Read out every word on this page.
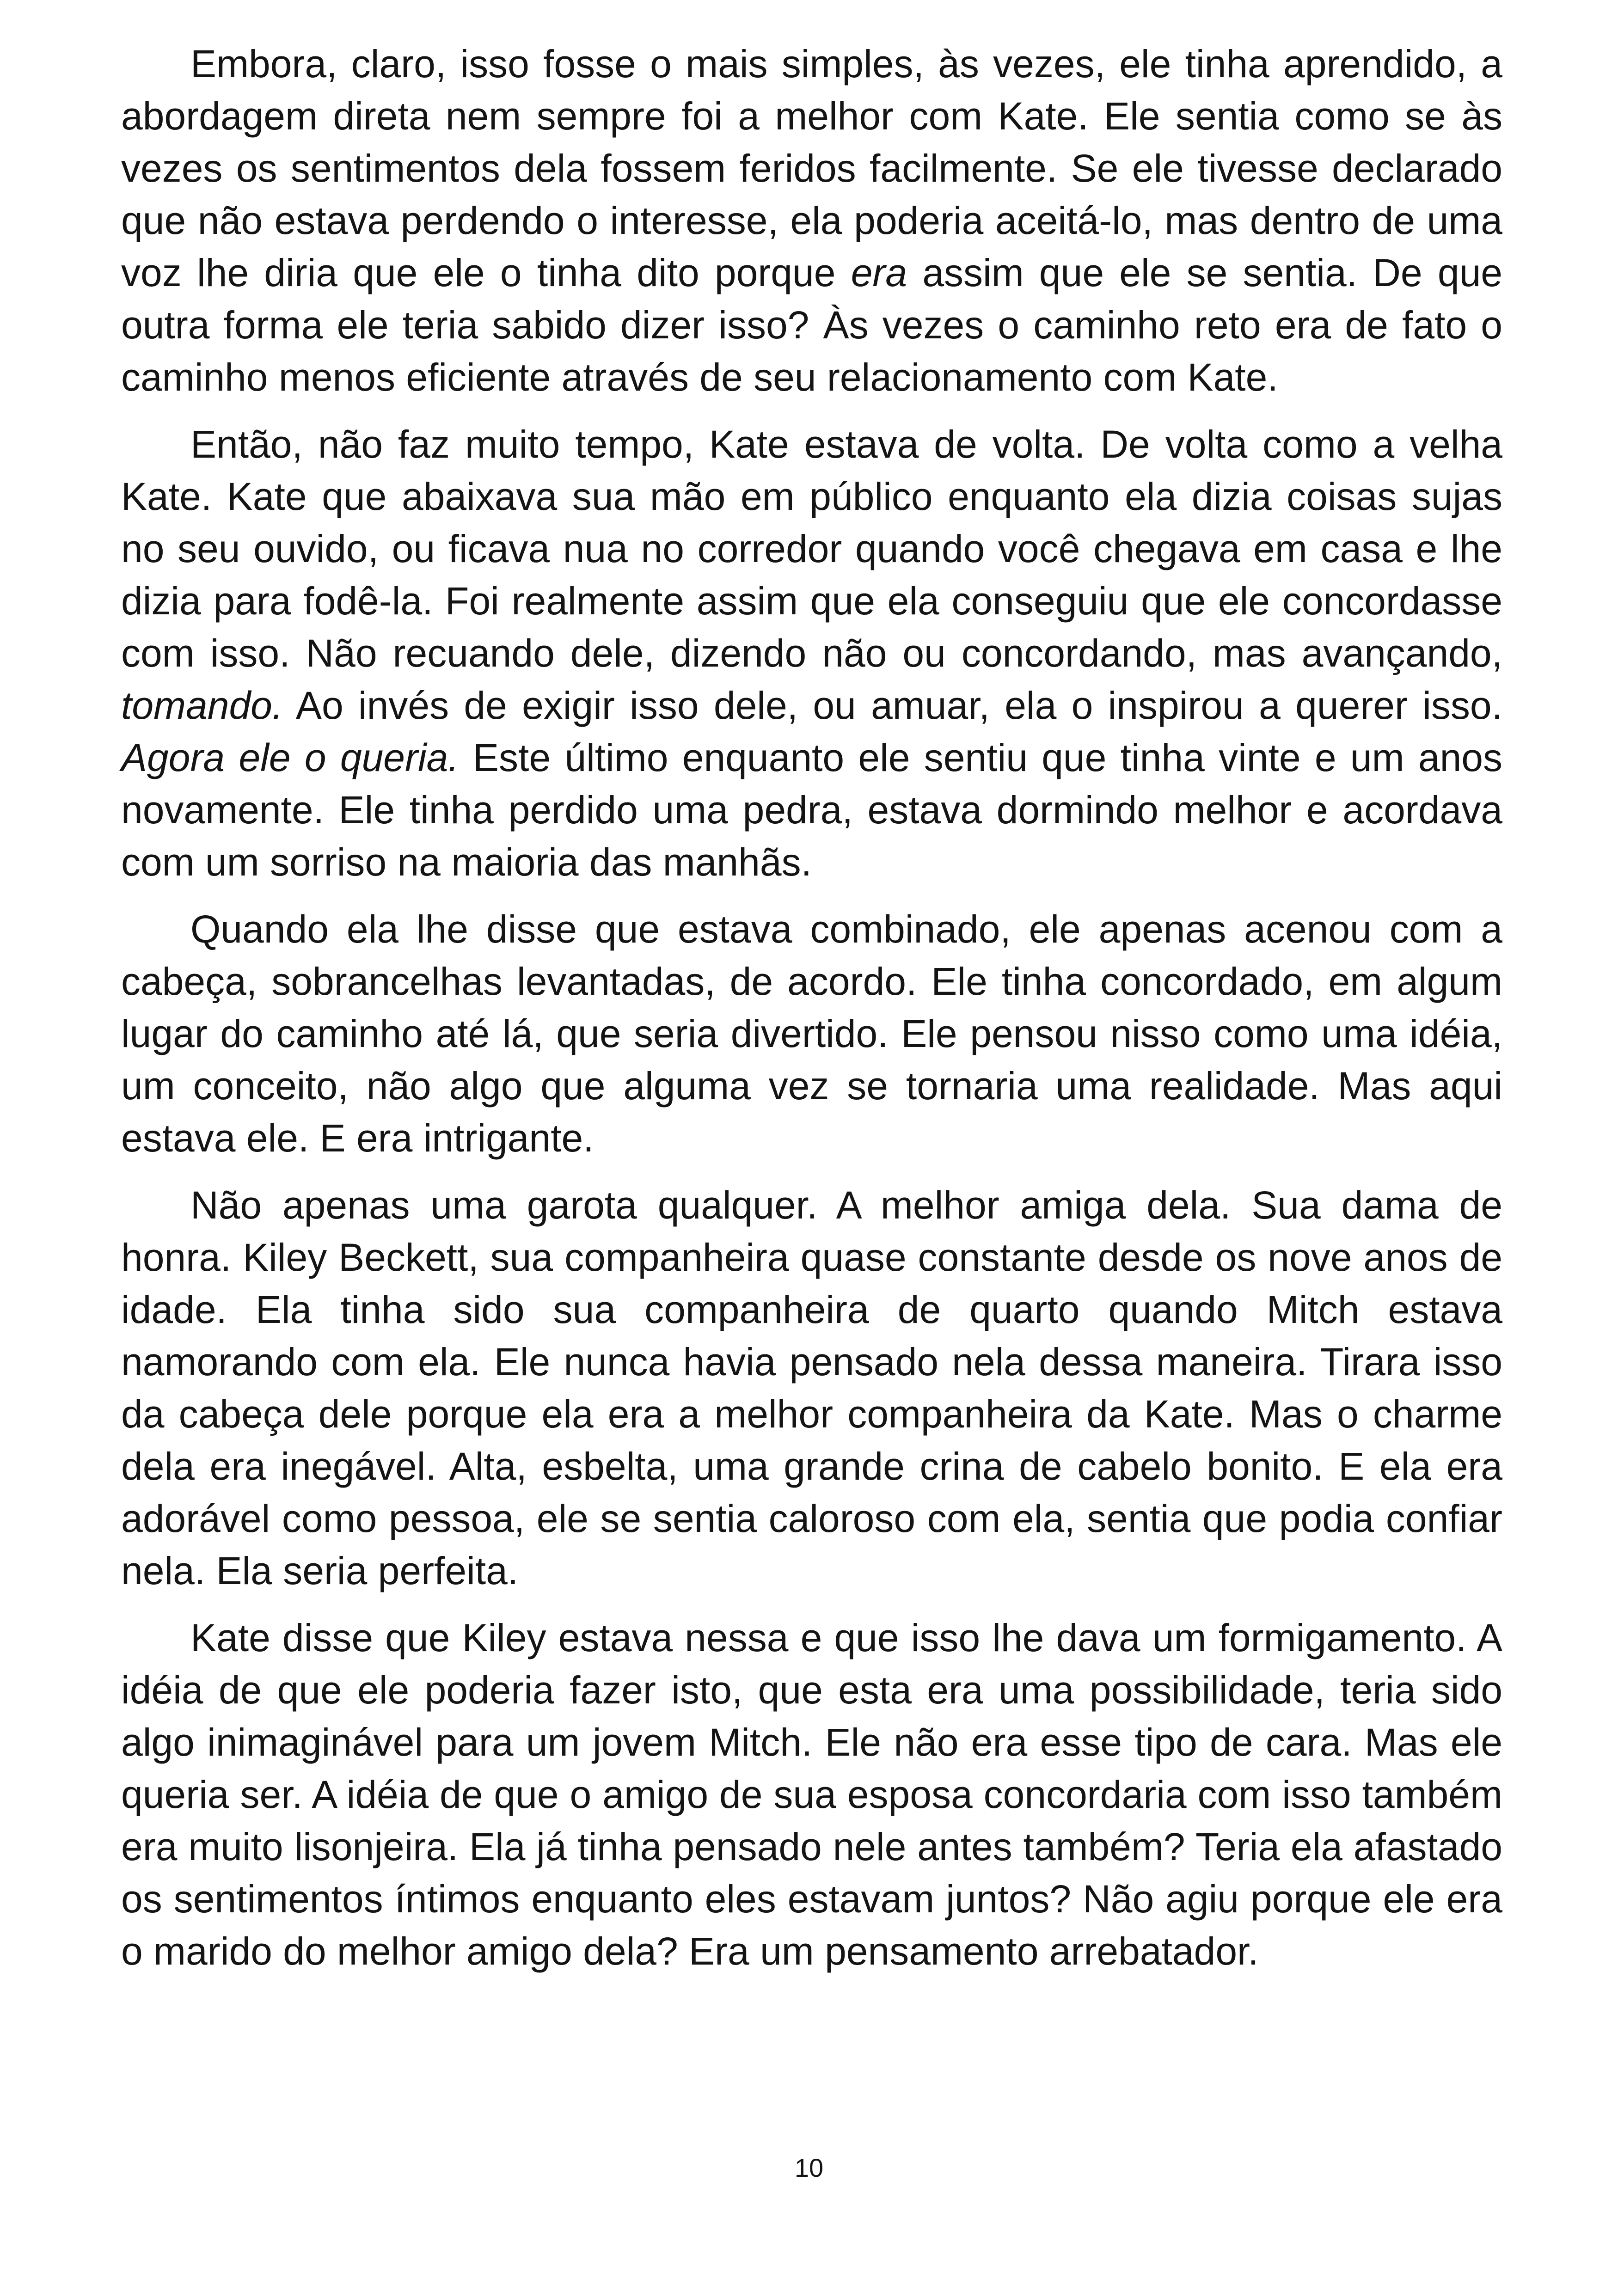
Embora, claro, isso fosse o mais simples, às vezes, ele tinha aprendido, a abordagem direta nem sempre foi a melhor com Kate. Ele sentia como se às vezes os sentimentos dela fossem feridos facilmente. Se ele tivesse declarado que não estava perdendo o interesse, ela poderia aceitá-lo, mas dentro de uma voz lhe diria que ele o tinha dito porque era assim que ele se sentia. De que outra forma ele teria sabido dizer isso? Às vezes o caminho reto era de fato o caminho menos eficiente através de seu relacionamento com Kate.

Então, não faz muito tempo, Kate estava de volta. De volta como a velha Kate. Kate que abaixava sua mão em público enquanto ela dizia coisas sujas no seu ouvido, ou ficava nua no corredor quando você chegava em casa e lhe dizia para fodê-la. Foi realmente assim que ela conseguiu que ele concordasse com isso. Não recuando dele, dizendo não ou concordando, mas avançando, tomando. Ao invés de exigir isso dele, ou amuar, ela o inspirou a querer isso. Agora ele o queria. Este último enquanto ele sentiu que tinha vinte e um anos novamente. Ele tinha perdido uma pedra, estava dormindo melhor e acordava com um sorriso na maioria das manhãs.

Quando ela lhe disse que estava combinado, ele apenas acenou com a cabeça, sobrancelhas levantadas, de acordo. Ele tinha concordado, em algum lugar do caminho até lá, que seria divertido. Ele pensou nisso como uma idéia, um conceito, não algo que alguma vez se tornaria uma realidade. Mas aqui estava ele. E era intrigante.

Não apenas uma garota qualquer. A melhor amiga dela. Sua dama de honra. Kiley Beckett, sua companheira quase constante desde os nove anos de idade. Ela tinha sido sua companheira de quarto quando Mitch estava namorando com ela. Ele nunca havia pensado nela dessa maneira. Tirara isso da cabeça dele porque ela era a melhor companheira da Kate. Mas o charme dela era inegável. Alta, esbelta, uma grande crina de cabelo bonito. E ela era adorável como pessoa, ele se sentia caloroso com ela, sentia que podia confiar nela. Ela seria perfeita.

Kate disse que Kiley estava nessa e que isso lhe dava um formigamento. A idéia de que ele poderia fazer isto, que esta era uma possibilidade, teria sido algo inimaginável para um jovem Mitch. Ele não era esse tipo de cara. Mas ele queria ser. A idéia de que o amigo de sua esposa concordaria com isso também era muito lisonjeira. Ela já tinha pensado nele antes também? Teria ela afastado os sentimentos íntimos enquanto eles estavam juntos? Não agiu porque ele era o marido do melhor amigo dela? Era um pensamento arrebatador.

10
